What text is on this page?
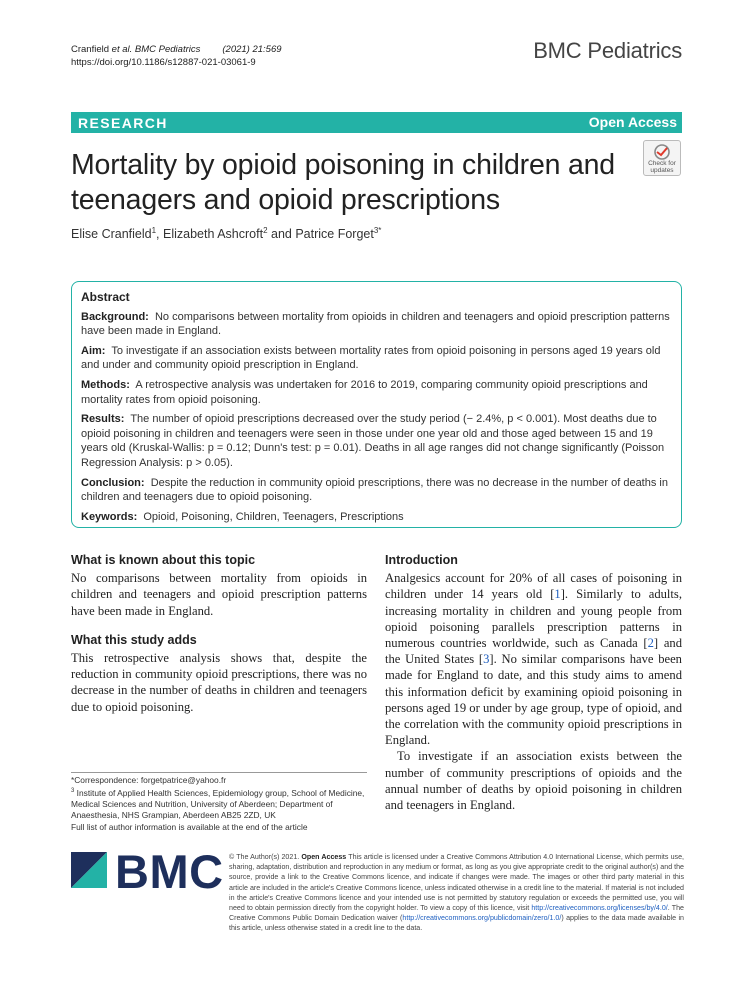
Cranfield et al. BMC Pediatrics (2021) 21:569
https://doi.org/10.1186/s12887-021-03061-9	BMC Pediatrics
RESEARCH	Open Access
Mortality by opioid poisoning in children and teenagers and opioid prescriptions
Check for
updates
Elise Cranfield$^1$, Elizabeth Ashcroft$^2$ and Patrice Forget$^{3*}$
Abstract

Background: No comparisons between mortality from opioids in children and teenagers and opioid prescription patterns have been made in England.

Aim: To investigate if an association exists between mortality rates from opioid poisoning in persons aged 19 years old and under and community opioid prescription in England.

Methods: A retrospective analysis was undertaken for 2016 to 2019, comparing community opioid prescriptions and mortality rates from opioid poisoning.

Results: The number of opioid prescriptions decreased over the study period (− 2.4%, p < 0.001). Most deaths due to opioid poisoning in children and teenagers were seen in those under one year old and those aged between 15 and 19 years old (Kruskal-Wallis: p = 0.12; Dunn's test: p = 0.01). Deaths in all age ranges did not change significantly (Poisson Regression Analysis: p > 0.05).

Conclusion: Despite the reduction in community opioid prescriptions, there was no decrease in the number of deaths in children and teenagers due to opioid poisoning.

Keywords: Opioid, Poisoning, Children, Teenagers, Prescriptions

What is known about this topic

No comparisons between mortality from opioids in children and teenagers and opioid prescription patterns have been made in England.

What this study adds

This retrospective analysis shows that, despite the reduction in community opioid prescriptions, there was no decrease in the number of deaths in children and teenagers due to opioid poisoning.

Introduction

Analgesics account for 20% of all cases of poisoning in children under 14 years old [1]. Similarly to adults, increasing mortality in children and young people from opioid poisoning parallels prescription patterns in numerous countries worldwide, such as Canada [2] and the United States [3]. No similar comparisons have been made for England to date, and this study aims to amend this information deficit by examining opioid poisoning in persons aged 19 or under by age group, type of opioid, and the correlation with the community opioid prescriptions in England.

To investigate if an association exists between the number of community prescriptions of opioids and the annual number of deaths by opioid poisoning in children and teenagers in England.

*Correspondence: forgetpatrice@yahoo.fr
$^3$ Institute of Applied Health Sciences, Epidemiology group, School of Medicine, Medical Sciences and Nutrition, University of Aberdeen; Department of Anaesthesia, NHS Grampian, Aberdeen AB25 2ZD, UK
Full list of author information is available at the end of the article
BMC © The Author(s) 2021. Open Access This article is licensed under a Creative Commons Attribution 4.0 International License, which permits use, sharing, adaptation, distribution and reproduction in any medium or format, as long as you give appropriate credit to the original author(s) and the source, provide a link to the Creative Commons licence, and indicate if changes were made. The images or other third party material in this article are included in the article's Creative Commons licence, unless indicated otherwise in a credit line to the material. If material is not included in the article's Creative Commons licence and your intended use is not permitted by statutory regulation or exceeds the permitted use, you will need to obtain permission directly from the copyright holder. To view a copy of this licence, visit http://creativecommons.org/licenses/by/4.0/. The Creative Commons Public Domain Dedication waiver (http://creativecommons.org/publicdomain/zero/1.0/) applies to the data made available in this article, unless otherwise stated in a credit line to the data.
